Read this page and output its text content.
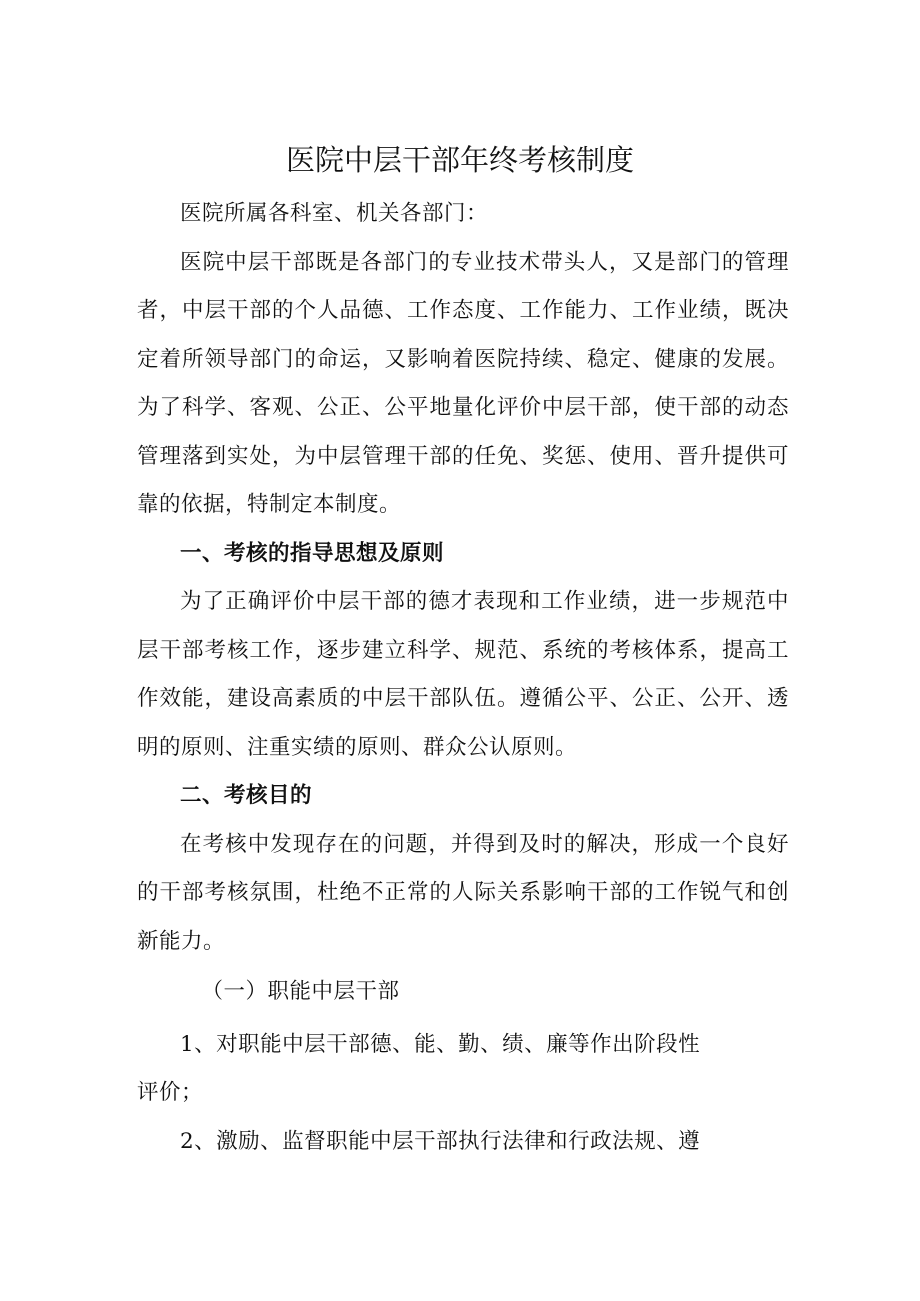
医院中层干部年终考核制度

医院所属各科室、机关各部门：

医院中层干部既是各部门的专业技术带头人，又是部门的管理者，中层干部的个人品德、工作态度、工作能力、工作业绩，既决定着所领导部门的命运，又影响着医院持续、稳定、健康的发展。为了科学、客观、公正、公平地量化评价中层干部，使干部的动态管理落到实处，为中层管理干部的任免、奖惩、使用、晋升提供可靠的依据，特制定本制度。

一、考核的指导思想及原则

为了正确评价中层干部的德才表现和工作业绩，进一步规范中层干部考核工作，逐步建立科学、规范、系统的考核体系，提高工作效能，建设高素质的中层干部队伍。遵循公平、公正、公开、透明的原则、注重实绩的原则、群众公认原则。

二、考核目的

在考核中发现存在的问题，并得到及时的解决，形成一个良好的干部考核氛围，杜绝不正常的人际关系影响干部的工作锐气和创新能力。

（一）职能中层干部

1、对职能中层干部德、能、勤、绩、廉等作出阶段性

评价；

2、激励、监督职能中层干部执行法律和行政法规、遵
